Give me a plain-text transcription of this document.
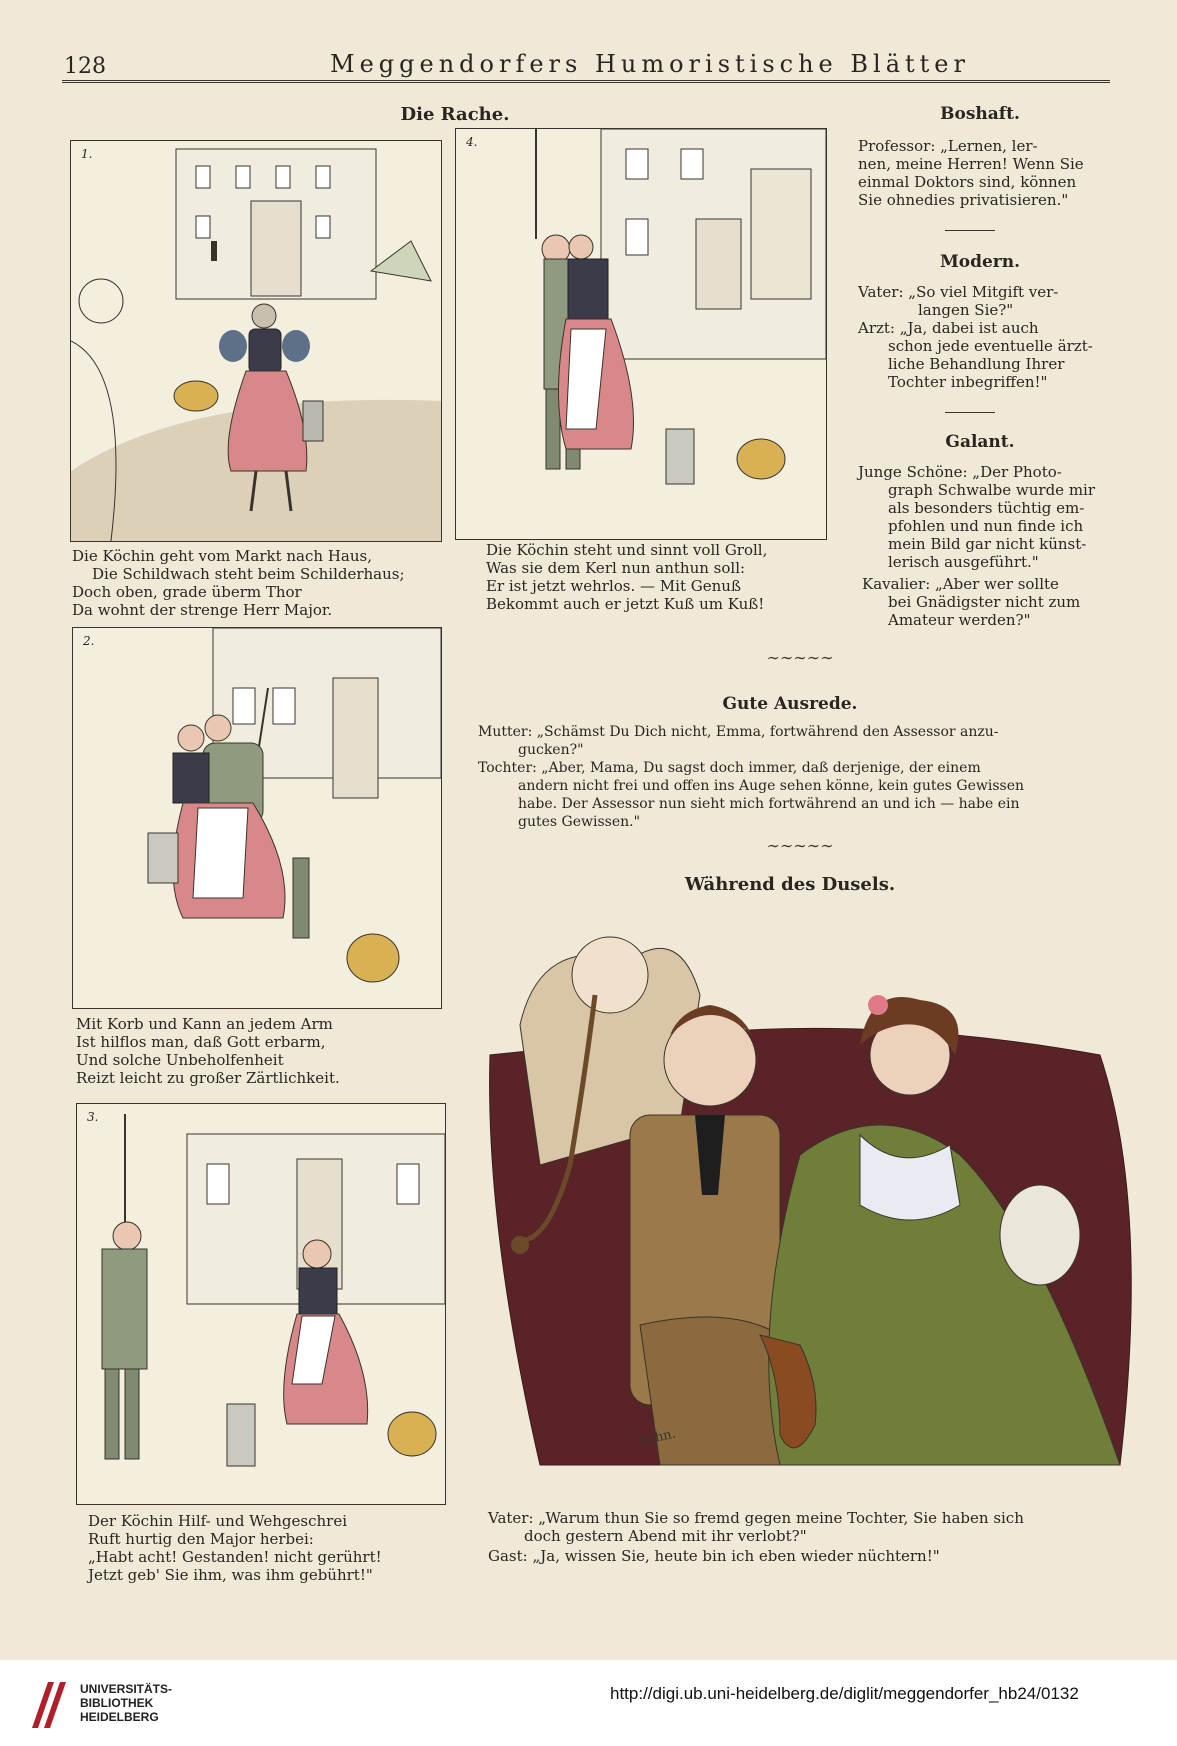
128	Meggendorfers Humoristische Blätter
Die Rache.
1.
4.
Die Köchin geht vom Markt nach Haus,
Die Schildwach steht beim Schilderhaus;
Doch oben, grade überm Thor
Da wohnt der strenge Herr Major.
Die Köchin steht und sinnt voll Groll,
Was sie dem Kerl nun anthun soll:
Er ist jetzt wehrlos. — Mit Genuß
Bekommt auch er jetzt Kuß um Kuß!
2.
Mit Korb und Kann an jedem Arm
Ist hilflos man, daß Gott erbarm,
Und solche Unbeholfenheit
Reizt leicht zu großer Zärtlichkeit.
3.
Der Köchin Hilf- und Wehgeschrei
Ruft hurtig den Major herbei:
„Habt acht! Gestanden! nicht gerührt!
Jetzt geb' Sie ihm, was ihm gebührt!"
Boshaft.
Professor: „Lernen, ler-
nen, meine Herren! Wenn Sie
einmal Doktors sind, können
Sie ohnedies privatisieren."
Modern.
Vater: „So viel Mitgift ver-
langen Sie?"
Arzt: „Ja, dabei ist auch
schon jede eventuelle ärzt-
liche Behandlung Ihrer
Tochter inbegriffen!"
Galant.
Junge Schöne: „Der Photo-
graph Schwalbe wurde mir
als besonders tüchtig em-
pfohlen und nun finde ich
mein Bild gar nicht künst-
lerisch ausgeführt."
Kavalier: „Aber wer sollte
bei Gnädigster nicht zum
Amateur werden?"
∼∼∼∼∼
Gute Ausrede.
Mutter: „Schämst Du Dich nicht, Emma, fortwährend den Assessor anzu-
gucken?"
Tochter: „Aber, Mama, Du sagst doch immer, daß derjenige, der einem
andern nicht frei und offen ins Auge sehen könne, kein gutes Gewissen
habe. Der Assessor nun sieht mich fortwährend an und ich — habe ein
gutes Gewissen."
∼∼∼∼∼
Während des Dusels.
Schn.
Vater: „Warum thun Sie so fremd gegen meine Tochter, Sie haben sich
doch gestern Abend mit ihr verlobt?"
Gast: „Ja, wissen Sie, heute bin ich eben wieder nüchtern!"
UNIVERSITÄTS-
BIBLIOTHEK
HEIDELBERG
http://digi.ub.uni-heidelberg.de/diglit/meggendorfer_hb24/0132
